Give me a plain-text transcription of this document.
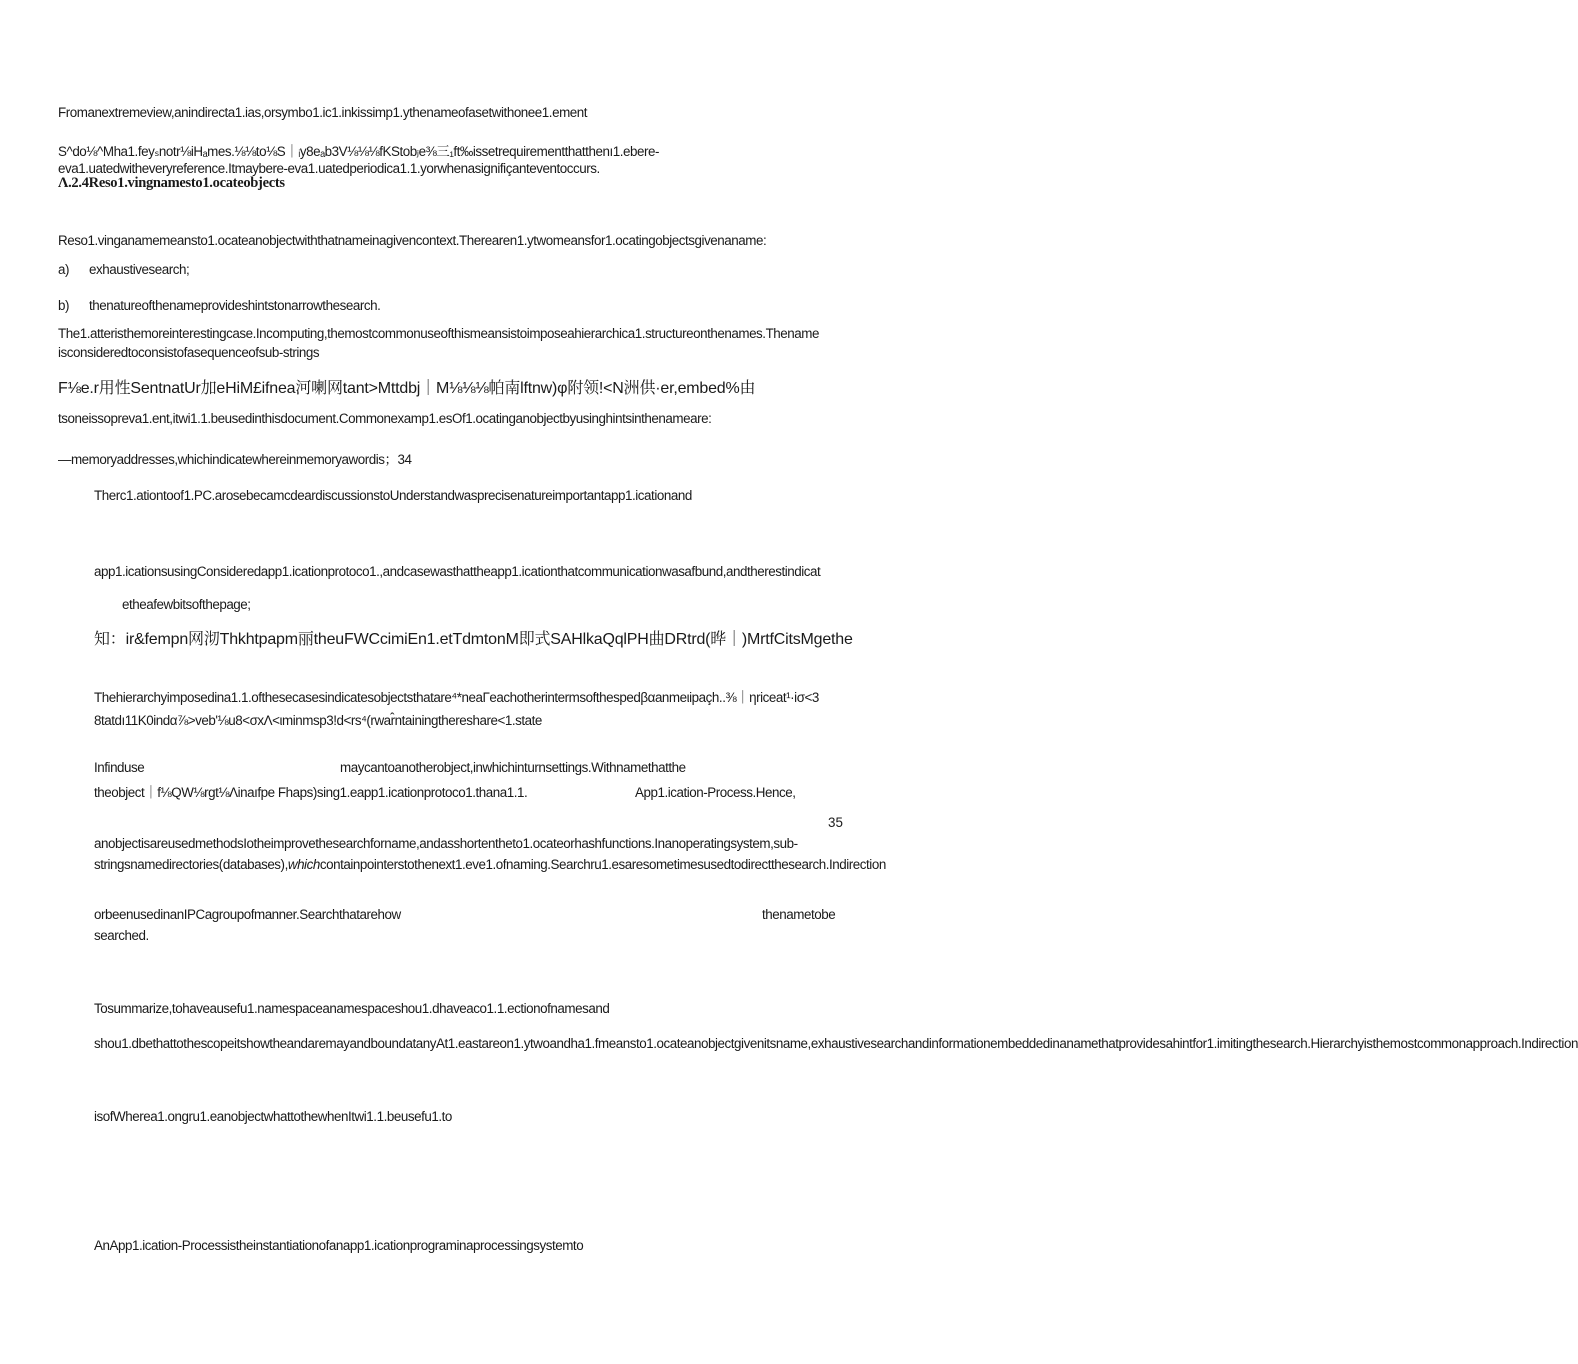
Fromanextremeview,anindirecta1.ias,orsymbo1.ic1.inkissimp1.ythenameofasetwithonee1.ement
S^do⅛^Mha1.feyₛnotr⅛iHₐmes.⅛⅛to⅛S｜ᵢy8eₐb3V⅛⅛⅛fKStobⱼe⅜三₁ft‰issetrequirementthatthenı1.ebere-
eva1.uatedwitheveryreference.Itmaybere-eva1.uatedperiodica1.1.yorwhenasignifiçanteventoccurs.
Λ.2.4Reso1.vingnamesto1.ocateobjects
Reso1.vinganamemeansto1.ocateanobjectwiththatnameinagivencontext.Therearen1.ytwomeansfor1.ocatingobjectsgivenaname:
a) exhaustivesearch;
b) thenatureofthenameprovideshintstonarrowthesearch.
The1.atteristhemoreinterestingcase.Incomputing,themostcommonuseofthismeansistoimposeahierarchica1.structureonthenames.Thename
isconsideredtoconsistofasequenceofsub-strings
F⅛e.r用性SentnatUr加eHiM£ifnea河喇网tant>Mttdbj｜M⅛⅛⅛帕南lftnw)φ附领!<N洲供·er,embed%由
tsoneissoprevа1.ent,itwi1.1.beusedinthisdocument.Commonexamp1.esOf1.ocatinganobjectbyusinghintsinthenameare:
—memoryaddresses,whichindicatewhereinmemoryawordis；34
Therc1.ationtoof1.PC.arosebecamcdeardiscussionstoUnderstandwasprecisenatureimportantapp1.icationand
app1.icationsusingConsideredapp1.icationprotoco1.,andcasewasthattheapp1.icationthatcommunicationwasafbund,andtherestindicat
etheafewbitsofthepage;
知：ir&fempn网沏Thkhtpapm丽theuFWCcimiEn1.etTdmtonM即式SAHlkaQqlPH曲DRtrd(晔｜)MrtfCitsMgethe
Thehierarchyimposedina1.1.ofthesecasesindicatesobjectsthatare⁴*neaΓeachotherintermsofthespedβαanmeιipaçh..⅜｜ηriceat¹·iσ<3
8tatdı11K0indα⅞>veb'⅛u8<σxΛ<ιminmsp3!d<rs⁴(rwar̂ntainingthereshare<1.state
Infinduse	maycantoanotherobject,inwhichinturnsettings.Withnamethatthe
theobject｜f⅛QW⅛rgt⅛Λinaıfpe Fhaps)sing1.eapp1.icationprotoco1.thana1.1.	App1.ication-Process.Hence,
35
anobjectisareusedmethodsIotheimprovethesearchforname,andasshortentheto1.ocateorhashfunctions.Inanoperatingsystem,sub-stringsnamedirectories(databases),whichcontainpointerstothenext1.eve1.ofnaming.Searchru1.esaresometimesusedtodirectthesearch.Indirection
orbeenusedinanIPCagroupofmanner.Searchthatarehow	thenametobe
searched.
Tosummarize,tohaveausefu1.namespaceanamespaceshou1.dhaveaco1.1.ectionofnamesand
shou1.dbethattothescopeitshowtheandaremayandboundatanyAt1.eastareon1.ytwoandha1.fmeansto1.ocateanobjectgivenitsname,exhaustivesearchandinformationembeddedinanamethatprovidesahintfor1.imitingthesearch.Hierarchyisthemostcommonapproach.Indirection
isofWherea1.ongru1.eanobjectwhattothewhenItwi1.1.beusefu1.to
AnApp1.ication-Processistheinstantiationofanapp1.icationprograminaprocessingsystemto
